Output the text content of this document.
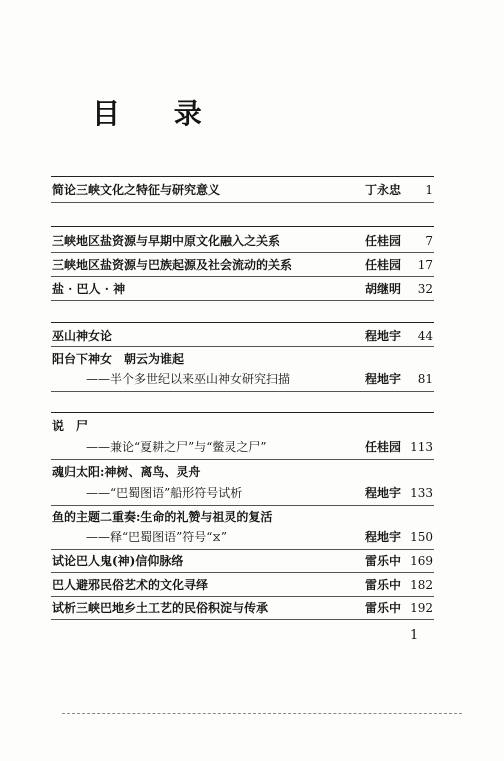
目 录
简论三峡文化之特征与研究意义	丁永忠	1
三峡地区盐资源与早期中原文化融入之关系	任桂园	7
三峡地区盐资源与巴族起源及社会流动的关系	任桂园	17
盐 · 巴人 · 神	胡继明	32
巫山神女论	程地宇	44
阳台下神女　朝云为谁起
——半个多世纪以来巫山神女研究扫描	程地宇	81
说　尸
——兼论“夏耕之尸”与“鳖灵之尸”	任桂园 113
魂归太阳:神树、离鸟、灵舟
——“巴蜀图语”船形符号试析	程地宇 133
鱼的主题二重奏:生命的礼赞与祖灵的复活
——释“巴蜀图语”符号“⧖”	程地宇 150
试论巴人鬼(神)信仰脉络	雷乐中 169
巴人避邪民俗艺术的文化寻绎	雷乐中 182
试析三峡巴地乡土工艺的民俗积淀与传承	雷乐中 192
1
